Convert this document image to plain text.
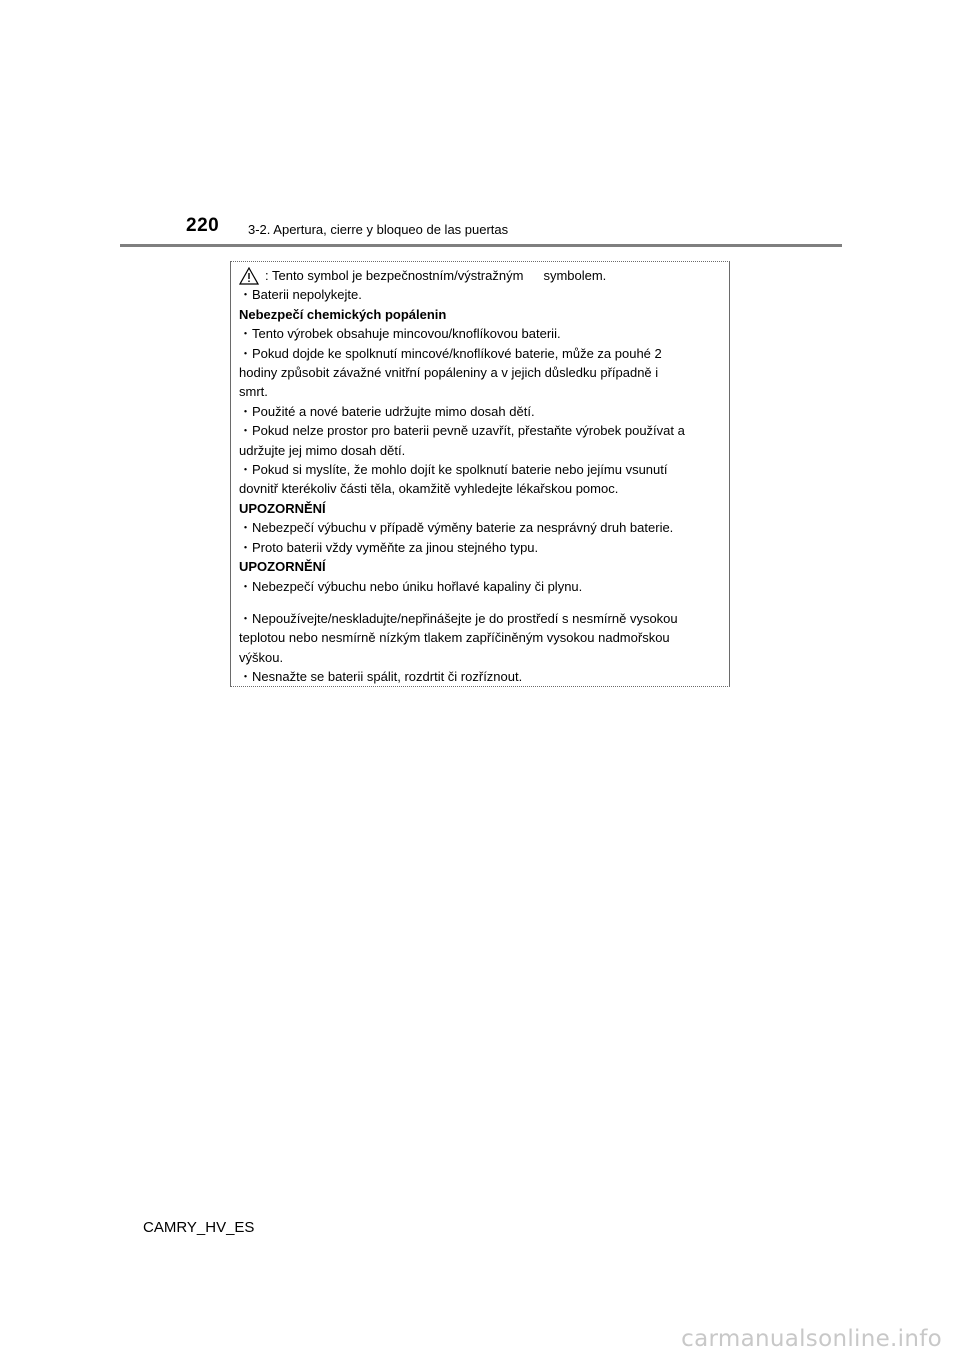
220 3-2. Apertura, cierre y bloqueo de las puertas
: Tento symbol je bezpečnostním/výstražným symbolem.
・Baterii nepolykejte.
Nebezpečí chemických popálenin
・Tento výrobek obsahuje mincovou/knoflíkovou baterii.
・Pokud dojde ke spolknutí mincové/knoflíkové baterie, může za pouhé 2
hodiny způsobit závažné vnitřní popáleniny a v jejich důsledku případně i
smrt.
・Použité a nové baterie udržujte mimo dosah dětí.
・Pokud nelze prostor pro baterii pevně uzavřít, přestaňte výrobek používat a
udržujte jej mimo dosah dětí.
・Pokud si myslíte, že mohlo dojít ke spolknutí baterie nebo jejímu vsunutí
dovnitř kterékoliv části těla, okamžitě vyhledejte lékařskou pomoc.
UPOZORNĚNÍ
・Nebezpečí výbuchu v případě výměny baterie za nesprávný druh baterie.
・Proto baterii vždy vyměňte za jinou stejného typu.
UPOZORNĚNÍ
・Nebezpečí výbuchu nebo úniku hořlavé kapaliny či plynu.
・Nepoužívejte/neskladujte/nepřinášejte je do prostředí s nesmírně vysokou
teplotou nebo nesmírně nízkým tlakem zapříčiněným vysokou nadmořskou
výškou.
・Nesnažte se baterii spálit, rozdrtit či rozříznout.
CAMRY_HV_ES
carmanualsonline.info
